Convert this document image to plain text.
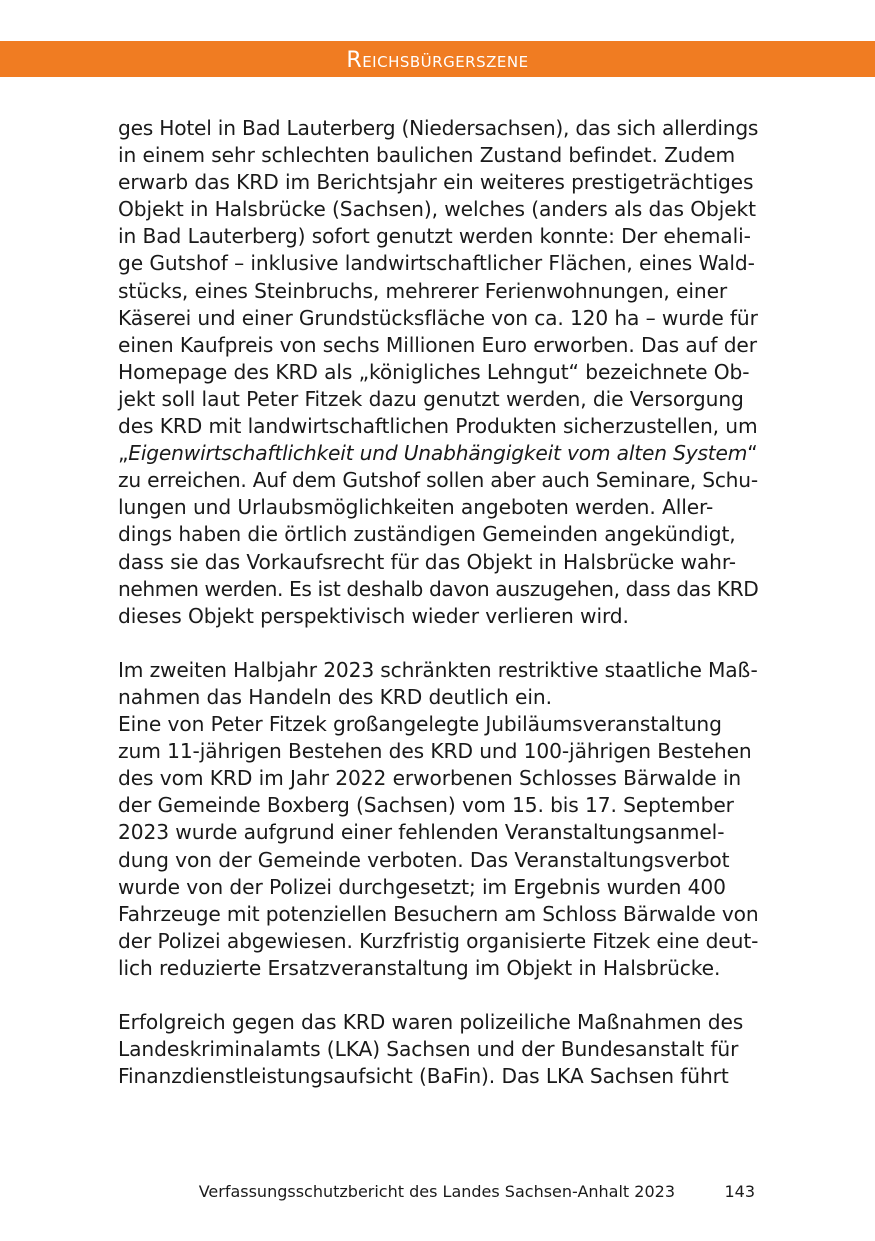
Reichsbürgerszene
ges Hotel in Bad Lauterberg (Niedersachsen), das sich allerdings
in einem sehr schlechten baulichen Zustand befindet. Zudem
erwarb das KRD im Berichtsjahr ein weiteres prestigeträchtiges
Objekt in Halsbrücke (Sachsen), welches (anders als das Objekt
in Bad Lauterberg) sofort genutzt werden konnte: Der ehemali-
ge Gutshof – inklusive landwirtschaftlicher Flächen, eines Wald-
stücks, eines Steinbruchs, mehrerer Ferienwohnungen, einer
Käserei und einer Grundstücksfläche von ca. 120 ha – wurde für
einen Kaufpreis von sechs Millionen Euro erworben. Das auf der
Homepage des KRD als „königliches Lehngut“ bezeichnete Ob-
jekt soll laut Peter Fitzek dazu genutzt werden, die Versorgung
des KRD mit landwirtschaftlichen Produkten sicherzustellen, um
„Eigenwirtschaftlichkeit und Unabhängigkeit vom alten System“
zu erreichen. Auf dem Gutshof sollen aber auch Seminare, Schu-
lungen und Urlaubsmöglichkeiten angeboten werden. Aller-
dings haben die örtlich zuständigen Gemeinden angekündigt,
dass sie das Vorkaufsrecht für das Objekt in Halsbrücke wahr-
nehmen werden. Es ist deshalb davon auszugehen, dass das KRD
dieses Objekt perspektivisch wieder verlieren wird.
Im zweiten Halbjahr 2023 schränkten restriktive staatliche Maß-
nahmen das Handeln des KRD deutlich ein.
Eine von Peter Fitzek großangelegte Jubiläumsveranstaltung
zum 11-jährigen Bestehen des KRD und 100-jährigen Bestehen
des vom KRD im Jahr 2022 erworbenen Schlosses Bärwalde in
der Gemeinde Boxberg (Sachsen) vom 15. bis 17. September
2023 wurde aufgrund einer fehlenden Veranstaltungsanmel-
dung von der Gemeinde verboten. Das Veranstaltungsverbot
wurde von der Polizei durchgesetzt; im Ergebnis wurden 400
Fahrzeuge mit potenziellen Besuchern am Schloss Bärwalde von
der Polizei abgewiesen. Kurzfristig organisierte Fitzek eine deut-
lich reduzierte Ersatzveranstaltung im Objekt in Halsbrücke.
Erfolgreich gegen das KRD waren polizeiliche Maßnahmen des
Landeskriminalamts (LKA) Sachsen und der Bundesanstalt für
Finanzdienstleistungsaufsicht (BaFin). Das LKA Sachsen führt
Verfassungsschutzbericht des Landes Sachsen-Anhalt 2023	143
